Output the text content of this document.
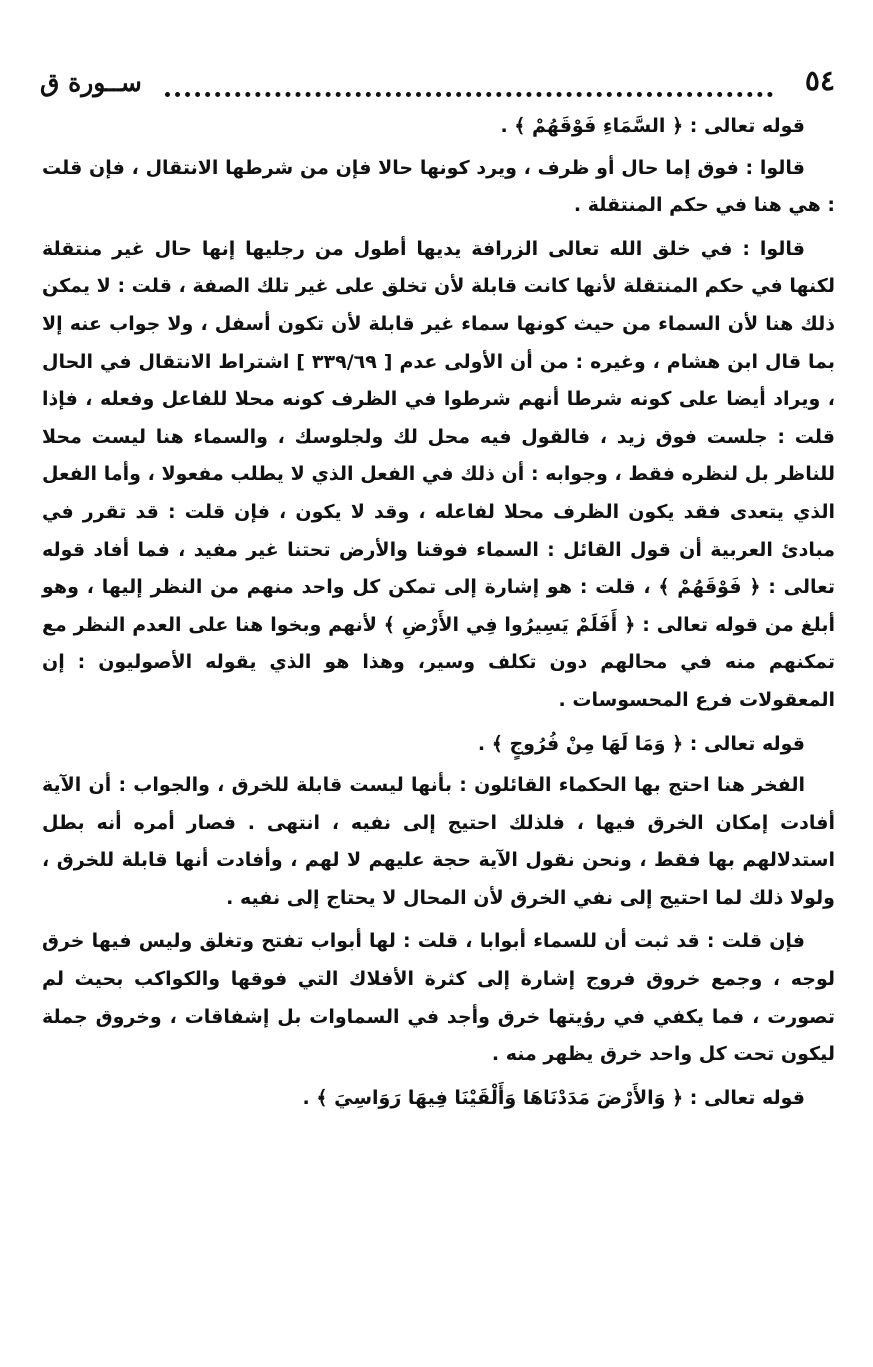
ســورة ق	٥٤

قوله تعالى : ﴿ السَّمَاءِ فَوْقَهُمْ ﴾ .

قالوا : فوق إما حال أو ظرف ، ويرد كونها حالا فإن من شرطها الانتقال ، فإن قلت : هي هنا في حكم المنتقلة .

قالوا : في خلق الله تعالى الزرافة يديها أطول من رجليها إنها حال غير منتقلة لكنها في حكم المنتقلة لأنها كانت قابلة لأن تخلق على غير تلك الصفة ، قلت : لا يمكن ذلك هنا لأن السماء من حيث كونها سماء غير قابلة لأن تكون أسفل ، ولا جواب عنه إلا بما قال ابن هشام ، وغيره : من أن الأولى عدم [ ٣٣٩/٦٩ ] اشتراط الانتقال في الحال ، ويراد أيضا على كونه شرطا أنهم شرطوا في الظرف كونه محلا للفاعل وفعله ، فإذا قلت : جلست فوق زيد ، فالقول فيه محل لك ولجلوسك ، والسماء هنا ليست محلا للناظر بل لنظره فقط ، وجوابه : أن ذلك في الفعل الذي لا يطلب مفعولا ، وأما الفعل الذي يتعدى فقد يكون الظرف محلا لفاعله ، وقد لا يكون ، فإن قلت : قد تقرر في مبادئ العربية أن قول القائل : السماء فوقنا والأرض تحتنا غير مفيد ، فما أفاد قوله تعالى : ﴿ فَوْقَهُمْ ﴾ ، قلت : هو إشارة إلى تمكن كل واحد منهم من النظر إليها ، وهو أبلغ من قوله تعالى : ﴿ أَفَلَمْ يَسِيرُوا فِي الأَرْضِ ﴾ لأنهم وبخوا هنا على العدم النظر مع تمكنهم منه في محالهم دون تكلف وسير، وهذا هو الذي يقوله الأصوليون : إن المعقولات فرع المحسوسات .

قوله تعالى : ﴿ وَمَا لَهَا مِنْ فُرُوجٍ ﴾ .

الفخر هنا احتج بها الحكماء القائلون : بأنها ليست قابلة للخرق ، والجواب : أن الآية أفادت إمكان الخرق فيها ، فلذلك احتيج إلى نفيه ، انتهى . فصار أمره أنه بطل استدلالهم بها فقط ، ونحن نقول الآية حجة عليهم لا لهم ، وأفادت أنها قابلة للخرق ، ولولا ذلك لما احتيج إلى نفي الخرق لأن المحال لا يحتاج إلى نفيه .

فإن قلت : قد ثبت أن للسماء أبوابا ، قلت : لها أبواب تفتح وتغلق وليس فيها خرق لوجه ، وجمع خروق فروج إشارة إلى كثرة الأفلاك التي فوقها والكواكب بحيث لم تصورت ، فما يكفي في رؤيتها خرق وأجد في السماوات بل إشفاقات ، وخروق جملة ليكون تحت كل واحد خرق يظهر منه .

قوله تعالى : ﴿ وَالأَرْضَ مَدَدْنَاهَا وَأَلْقَيْنَا فِيهَا رَوَاسِيَ ﴾ .
